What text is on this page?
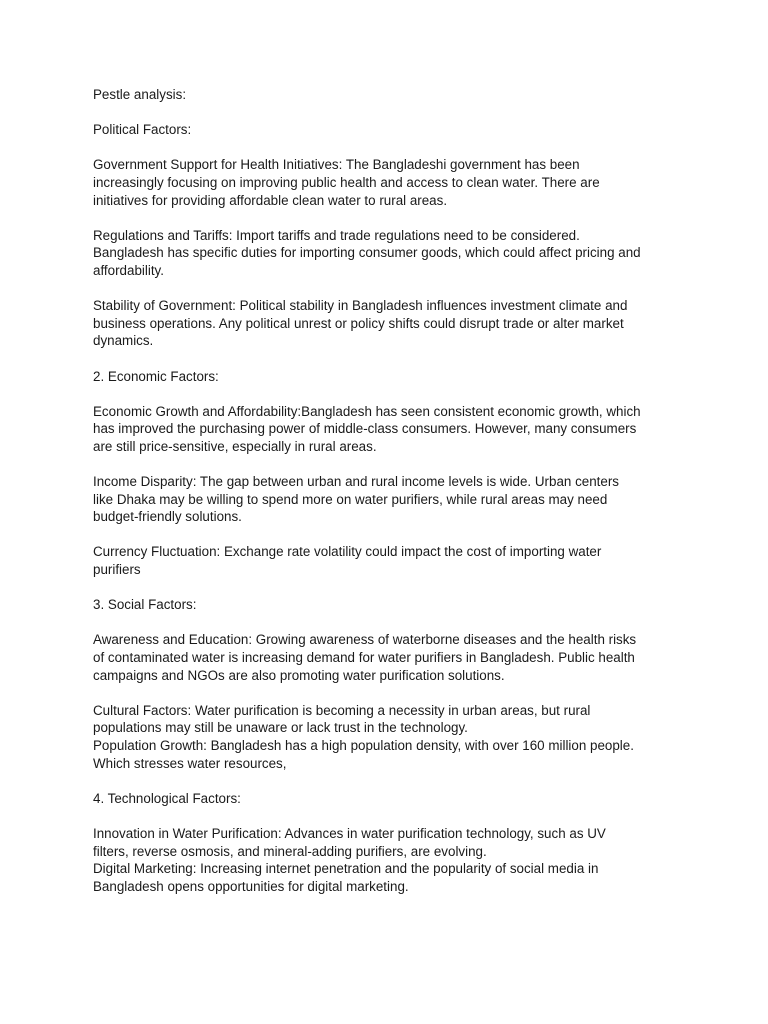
Pestle analysis:

Political Factors:

Government Support for Health Initiatives: The Bangladeshi government has been
increasingly focusing on improving public health and access to clean water. There are
initiatives for providing affordable clean water to rural areas.

Regulations and Tariffs: Import tariffs and trade regulations need to be considered.
Bangladesh has specific duties for importing consumer goods, which could affect pricing and
affordability.

Stability of Government: Political stability in Bangladesh influences investment climate and
business operations. Any political unrest or policy shifts could disrupt trade or alter market
dynamics.

2. Economic Factors:

Economic Growth and Affordability:Bangladesh has seen consistent economic growth, which
has improved the purchasing power of middle-class consumers. However, many consumers
are still price-sensitive, especially in rural areas.

Income Disparity: The gap between urban and rural income levels is wide. Urban centers
like Dhaka may be willing to spend more on water purifiers, while rural areas may need
budget-friendly solutions.

Currency Fluctuation: Exchange rate volatility could impact the cost of importing water
purifiers

3. Social Factors:

Awareness and Education: Growing awareness of waterborne diseases and the health risks
of contaminated water is increasing demand for water purifiers in Bangladesh. Public health
campaigns and NGOs are also promoting water purification solutions.

Cultural Factors: Water purification is becoming a necessity in urban areas, but rural
populations may still be unaware or lack trust in the technology.

Population Growth: Bangladesh has a high population density, with over 160 million people.
Which stresses water resources,

4. Technological Factors:

Innovation in Water Purification: Advances in water purification technology, such as UV
filters, reverse osmosis, and mineral-adding purifiers, are evolving.

Digital Marketing: Increasing internet penetration and the popularity of social media in
Bangladesh opens opportunities for digital marketing.
